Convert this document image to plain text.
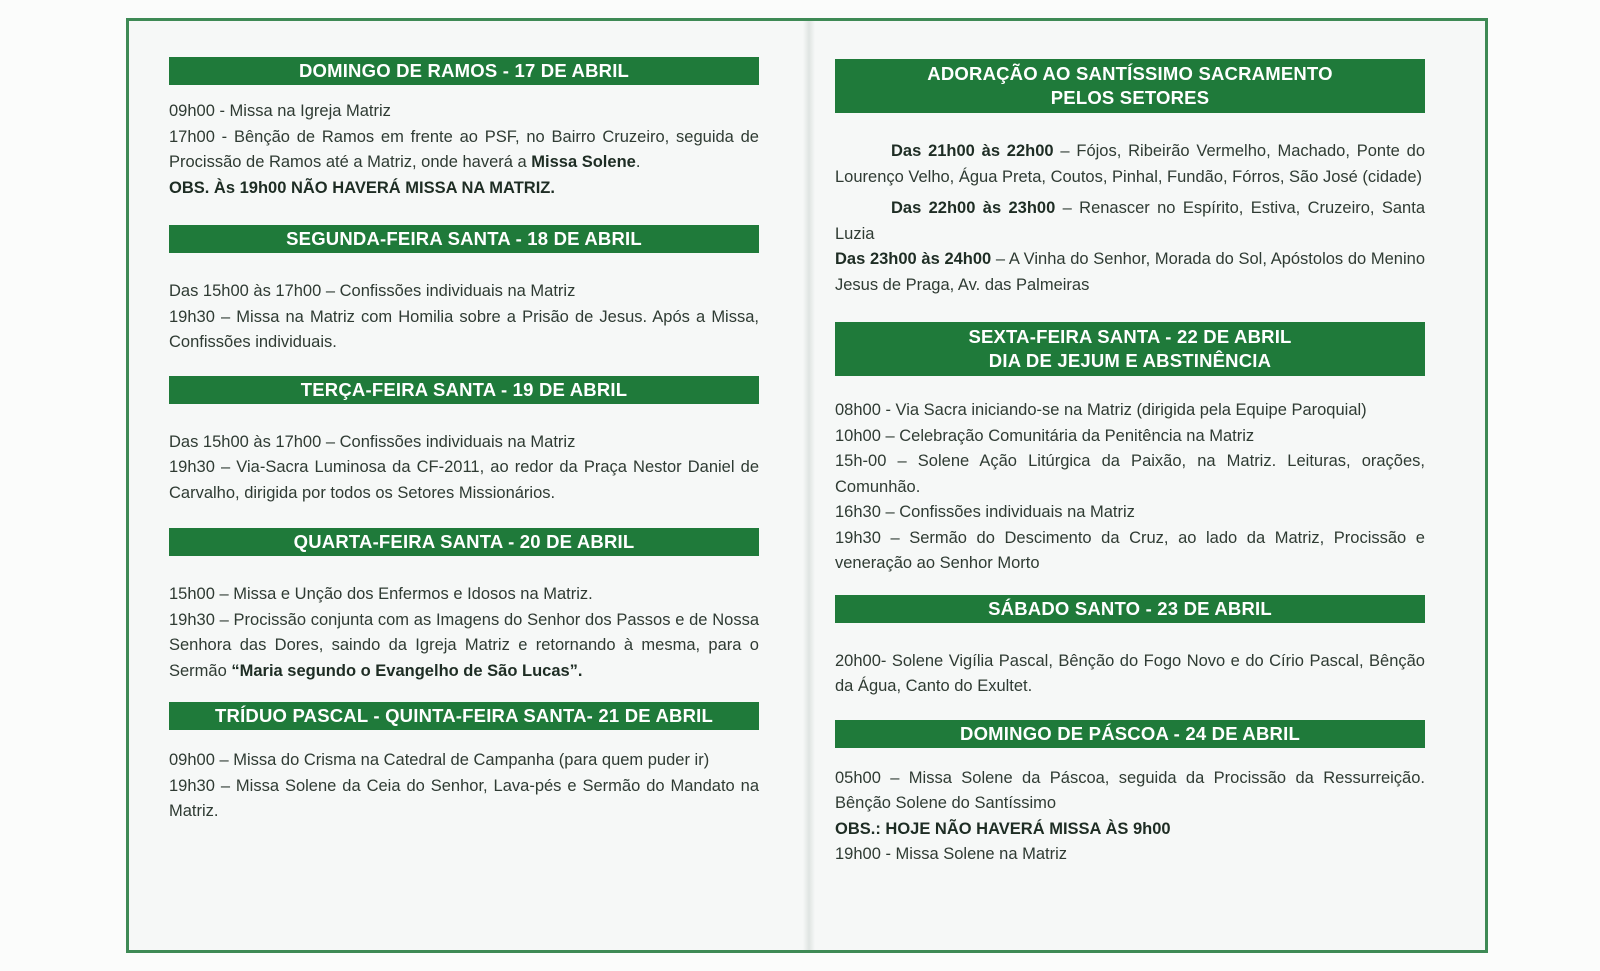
DOMINGO DE RAMOS - 17 DE ABRIL

09h00 - Missa na Igreja Matriz

17h00 - Bênção de Ramos em frente ao PSF, no Bairro Cruzeiro, seguida de Procissão de Ramos até a Matriz, onde haverá a Missa Solene.

OBS. Às 19h00 NÃO HAVERÁ MISSA NA MATRIZ.

SEGUNDA-FEIRA SANTA - 18 DE ABRIL

Das 15h00 às 17h00 – Confissões individuais na Matriz

19h30 – Missa na Matriz com Homilia sobre a Prisão de Jesus. Após a Missa, Confissões individuais.

TERÇA-FEIRA SANTA - 19 DE ABRIL

Das 15h00 às 17h00 – Confissões individuais na Matriz

19h30 – Via-Sacra Luminosa da CF-2011, ao redor da Praça Nestor Daniel de Carvalho, dirigida por todos os Setores Missionários.

QUARTA-FEIRA SANTA - 20 DE ABRIL

15h00 – Missa e Unção dos Enfermos e Idosos na Matriz.

19h30 – Procissão conjunta com as Imagens do Senhor dos Passos e de Nossa Senhora das Dores, saindo da Igreja Matriz e retornando à mesma, para o Sermão “Maria segundo o Evangelho de São Lucas”.

TRÍDUO PASCAL - QUINTA-FEIRA SANTA- 21 DE ABRIL

09h00 – Missa do Crisma na Catedral de Campanha (para quem puder ir)

19h30 – Missa Solene da Ceia do Senhor, Lava-pés e Sermão do Mandato na Matriz.

ADORAÇÃO AO SANTÍSSIMO SACRAMENTO
PELOS SETORES

Das 21h00 às 22h00 – Fójos, Ribeirão Vermelho, Machado, Ponte do Lourenço Velho, Água Preta, Coutos, Pinhal, Fundão, Fórros, São José (cidade)

Das 22h00 às 23h00 – Renascer no Espírito, Estiva, Cruzeiro, Santa Luzia

Das 23h00 às 24h00 – A Vinha do Senhor, Morada do Sol, Apóstolos do Menino Jesus de Praga, Av. das Palmeiras

SEXTA-FEIRA SANTA - 22 DE ABRIL
DIA DE JEJUM E ABSTINÊNCIA

08h00 - Via Sacra iniciando-se na Matriz (dirigida pela Equipe Paroquial)

10h00 – Celebração Comunitária da Penitência na Matriz

15h-00 – Solene Ação Litúrgica da Paixão, na Matriz. Leituras, orações, Comunhão.

16h30 – Confissões individuais na Matriz

19h30 – Sermão do Descimento da Cruz, ao lado da Matriz, Procissão e veneração ao Senhor Morto

SÁBADO SANTO - 23 DE ABRIL

20h00- Solene Vigília Pascal, Bênção do Fogo Novo e do Círio Pascal, Bênção da Água, Canto do Exultet.

DOMINGO DE PÁSCOA - 24 DE ABRIL

05h00 – Missa Solene da Páscoa, seguida da Procissão da Ressurreição. Bênção Solene do Santíssimo

OBS.: HOJE NÃO HAVERÁ MISSA ÀS 9h00

19h00 - Missa Solene na Matriz
